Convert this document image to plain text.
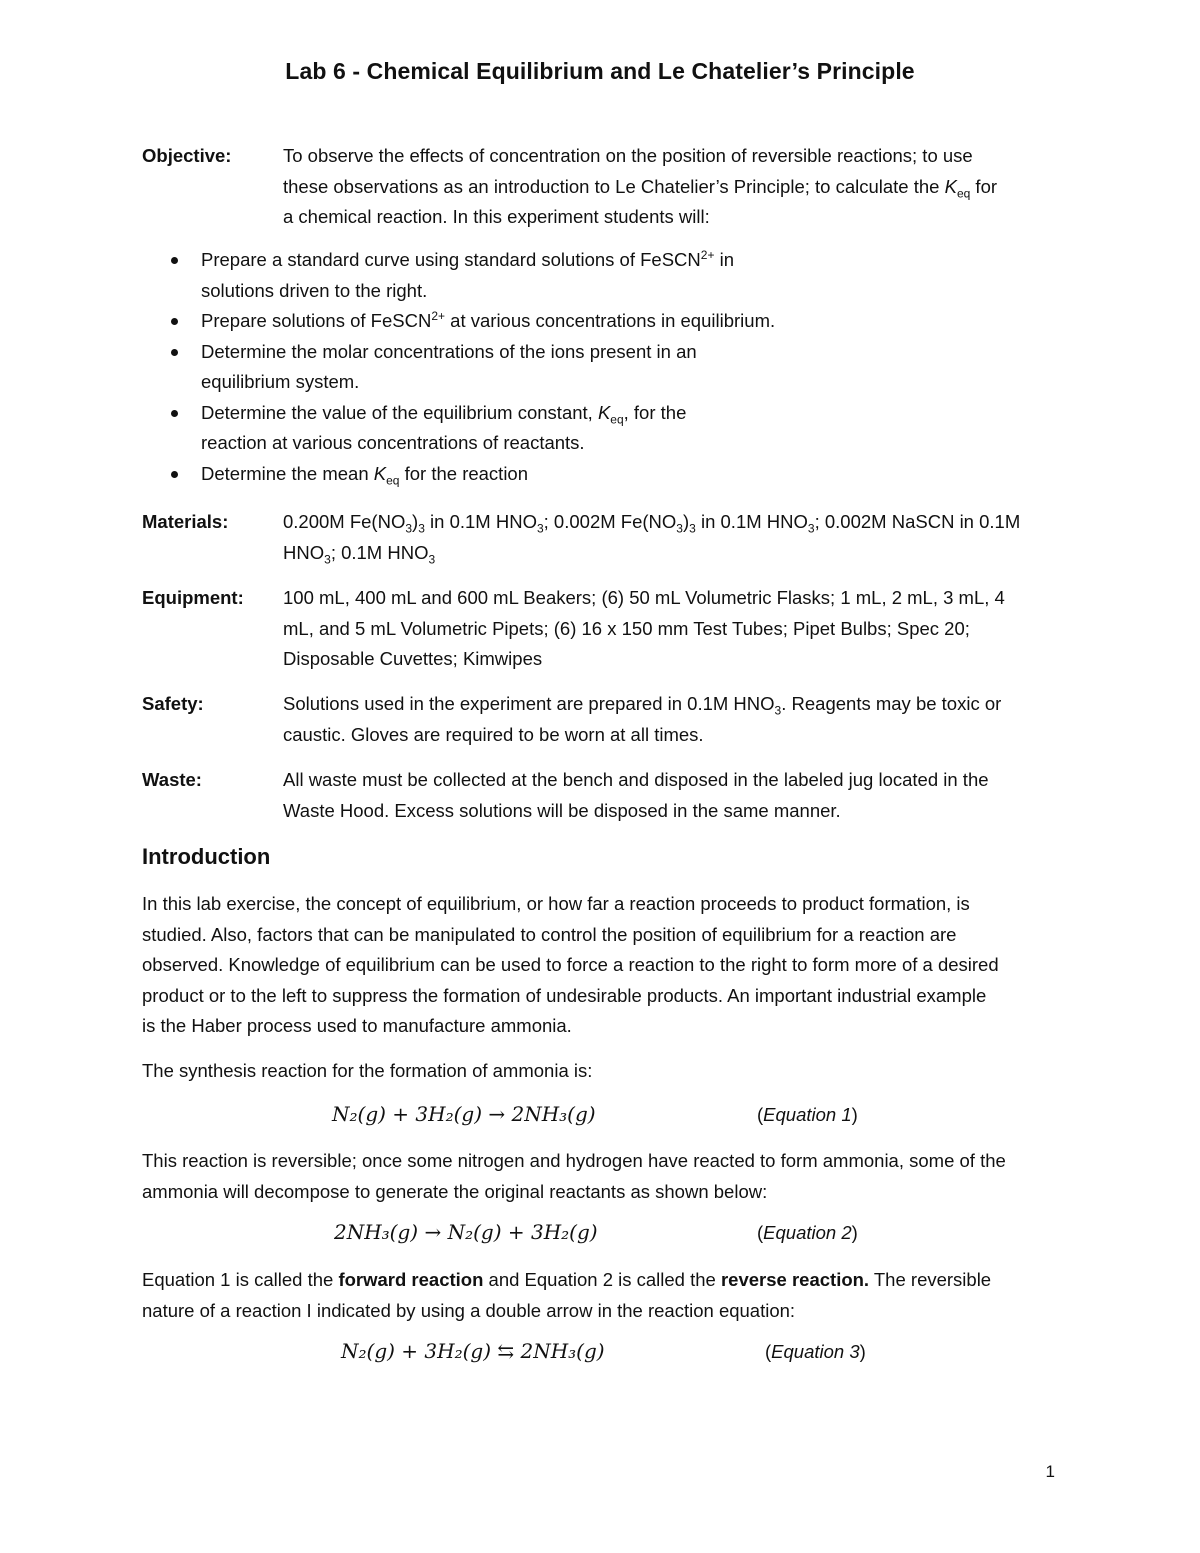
Lab 6 - Chemical Equilibrium and Le Chatelier’s Principle
Objective:	To observe the effects of concentration on the position of reversible reactions; to use
these observations as an introduction to Le Chatelier’s Principle; to calculate the $K_{eq}$ for
a chemical reaction. In this experiment students will:
Prepare a standard curve using standard solutions of FeSCN$^{2+}$ in
solutions driven to the right.
Prepare solutions of FeSCN$^{2+}$ at various concentrations in equilibrium.
Determine the molar concentrations of the ions present in an
equilibrium system.
Determine the value of the equilibrium constant, $K_{eq}$, for the
reaction at various concentrations of reactants.
Determine the mean $K_{eq}$ for the reaction
Materials:	0.200M $Fe(NO_3)_3$ in 0.1M $HNO_3$; 0.002M $Fe(NO_3)_3$ in 0.1M $HNO_3$; 0.002M NaSCN in 0.1M
$HNO_3$; 0.1M $HNO_3$
Equipment: 100 mL, 400 mL and 600 mL Beakers; (6) 50 mL Volumetric Flasks; 1 mL, 2 mL, 3 mL, 4
mL, and 5 mL Volumetric Pipets; (6) 16 x 150 mm Test Tubes; Pipet Bulbs; Spec 20;
Disposable Cuvettes; Kimwipes
Safety:	Solutions used in the experiment are prepared in 0.1M $HNO_3$. Reagents may be toxic or
caustic. Gloves are required to be worn at all times.
Waste:	All waste must be collected at the bench and disposed in the labeled jug located in the
Waste Hood. Excess solutions will be disposed in the same manner.
Introduction
In this lab exercise, the concept of equilibrium, or how far a reaction proceeds to product formation, is
studied. Also, factors that can be manipulated to control the position of equilibrium for a reaction are
observed. Knowledge of equilibrium can be used to force a reaction to the right to form more of a desired
product or to the left to suppress the formation of undesirable products. An important industrial example
is the Haber process used to manufacture ammonia.
The synthesis reaction for the formation of ammonia is:
N₂(g) + 3H₂(g) → 2NH₃(g)	(Equation 1)
This reaction is reversible; once some nitrogen and hydrogen have reacted to form ammonia, some of the
ammonia will decompose to generate the original reactants as shown below:
2NH₃(g) → N₂(g) + 3H₂(g)	(Equation 2)
Equation 1 is called the forward reaction and Equation 2 is called the reverse reaction. The reversible
nature of a reaction I indicated by using a double arrow in the reaction equation:
N₂(g) + 3H₂(g) ⇆ 2NH₃(g)	(Equation 3)
1
